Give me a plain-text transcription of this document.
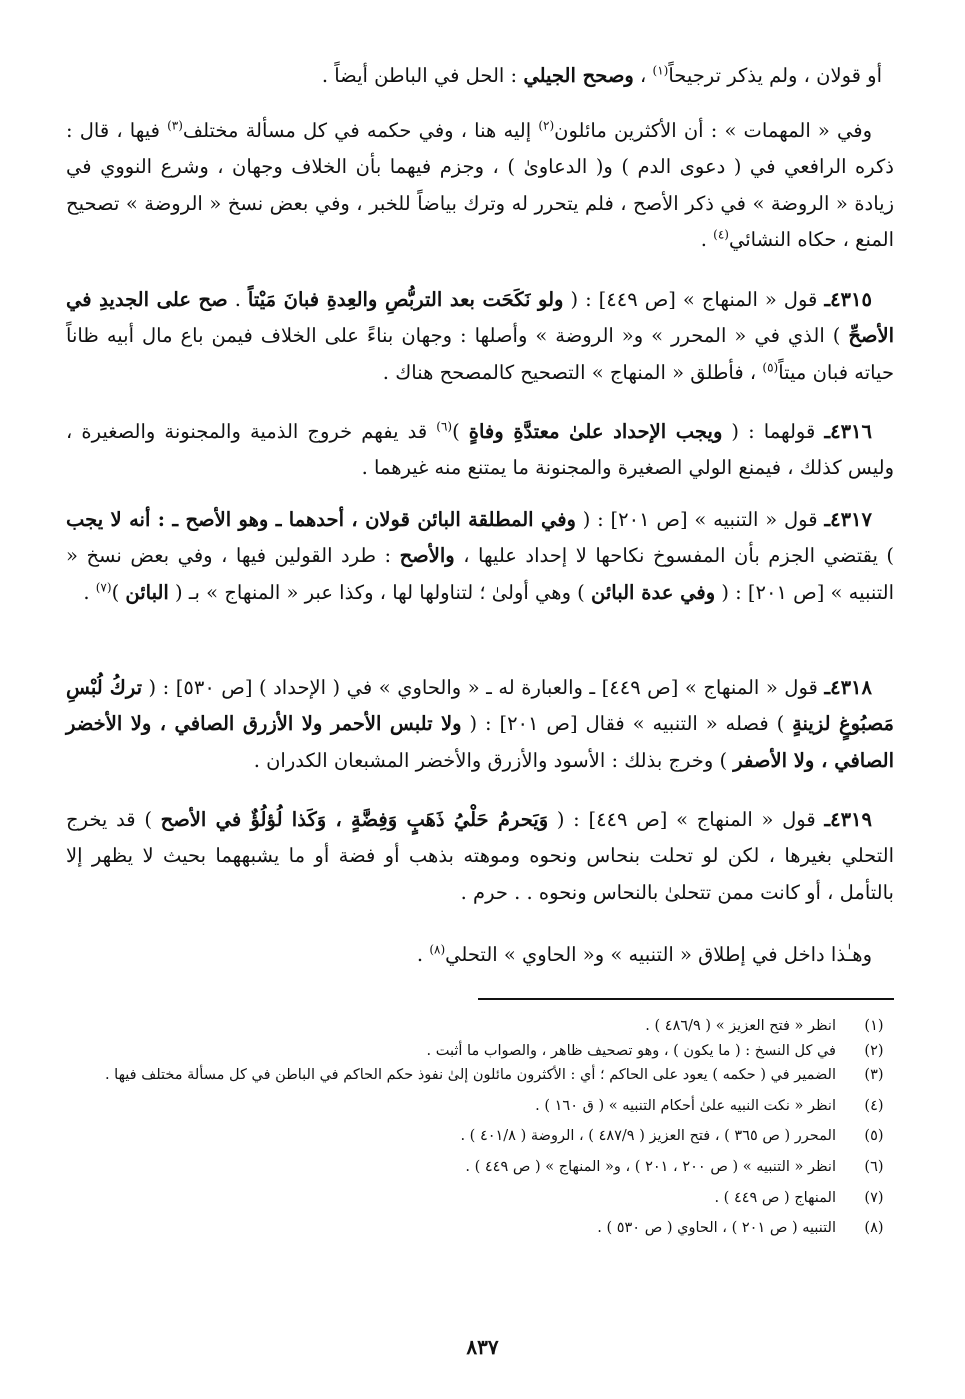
أو قولان ، ولم يذكر ترجيحاً$^{(١)}$ ، وصحح الجيلي : الحل في الباطن أيضاً .

وفي « المهمات » : أن الأكثرين مائلون$^{(٢)}$ إليه هنا ، وفي حكمه في كل مسألة مختلف$^{(٣)}$ فيها ، قال : ذكره الرافعي في ( دعوى الدم ) و( الدعاوىٰ ) ، وجزم فيهما بأن الخلاف وجهان ، وشرع النووي في زيادة « الروضة » في ذكر الأصح ، فلم يتحرر له وترك بياضاً للخبر ، وفي بعض نسخ « الروضة » تصحيح المنع ، حكاه النشائي$^{(٤)}$ .

٤٣١٥ـ قول « المنهاج » [ص ٤٤٩] : ( ولو نَكَحَت بعد التربُّصِ والعِدةِ فبانَ مَيْتاً . صح على الجديدِ في الأصحِّ ) الذي في « المحرر » و« الروضة » وأصلها : وجهان بناءً على الخلاف فيمن باع مال أبيه ظاناً حياته فبان ميتاً$^{(٥)}$ ، فأطلق « المنهاج » التصحيح كالمصحح هناك .

٤٣١٦ـ قولهما : ( ويجب الإحداد علىٰ معتدَّةِ وفاةٍ )$^{(٦)}$ قد يفهم خروج الذمية والمجنونة والصغيرة ، وليس كذلك ، فيمنع الولي الصغيرة والمجنونة ما يمتنع منه غيرهما .

٤٣١٧ـ قول « التنبيه » [ص ٢٠١] : ( وفي المطلقة البائن قولان ، أحدهما ـ وهو الأصح ـ : أنه لا يجب ) يقتضي الجزم بأن المفسوخ نكاحها لا إحداد عليها ، والأصح : طرد القولين فيها ، وفي بعض نسخ « التنبيه » [ص ٢٠١] : ( وفي عدة البائن ) وهي أولىٰ ؛ لتناولها لها ، وكذا عبر « المنهاج » بـ ( البائن )$^{(٧)}$ .

٤٣١٨ـ قول « المنهاج » [ص ٤٤٩] ـ والعبارة له ـ « والحاوي » في ( الإحداد ) [ص ٥٣٠] : ( تركُ لُبْسِ مَصبُوغٍ لزينةٍ ) فصله « التنبيه » فقال [ص ٢٠١] : ( ولا تلبس الأحمر ولا الأزرق الصافي ، ولا الأخضر الصافي ، ولا الأصفر ) وخرج بذلك : الأسود والأزرق والأخضر المشبعان الكدران .

٤٣١٩ـ قول « المنهاج » [ص ٤٤٩] : ( وَيَحرمُ حَلْيُ ذَهَبٍ وَفِضَّةٍ ، وَكَذا لُؤلُؤٌ في الأصح ) قد يخرج التحلي بغيرها ، لكن لو تحلت بنحاس ونحوه وموهته بذهب أو فضة أو ما يشبههما بحيث لا يظهر إلا بالتأمل ، أو كانت ممن تتحلىٰ بالنحاس ونحوه . . حرم .

وهـٰذا داخل في إطلاق « التنبيه » و« الحاوي » التحلي$^{(٨)}$ .

(١)
انظر « فتح العزيز » ( ٤٨٦/٩ ) .
(٢)
في كل النسخ : ( ما يكون ) ، وهو تصحيف ظاهر ، والصواب ما أثبت .
(٣)
الضمير في ( حكمه ) يعود على الحاكم ؛ أي : الأكثرون مائلون إلىٰ نفوذ حكم الحاكم في الباطن في كل مسألة مختلف فيها .
(٤)
انظر « نكت النبيه علىٰ أحكام التنبيه » ( ق ١٦٠ ) .
(٥)
المحرر ( ص ٣٦٥ ) ، فتح العزيز ( ٤٨٧/٩ ) ، الروضة ( ٤٠١/٨ ) .
(٦)
انظر « التنبيه » ( ص ٢٠٠ ، ٢٠١ ) ، و« المنهاج » ( ص ٤٤٩ ) .
(٧)
المنهاج ( ص ٤٤٩ ) .
(٨)
التنبيه ( ص ٢٠١ ) ، الحاوي ( ص ٥٣٠ ) .
٨٣٧
